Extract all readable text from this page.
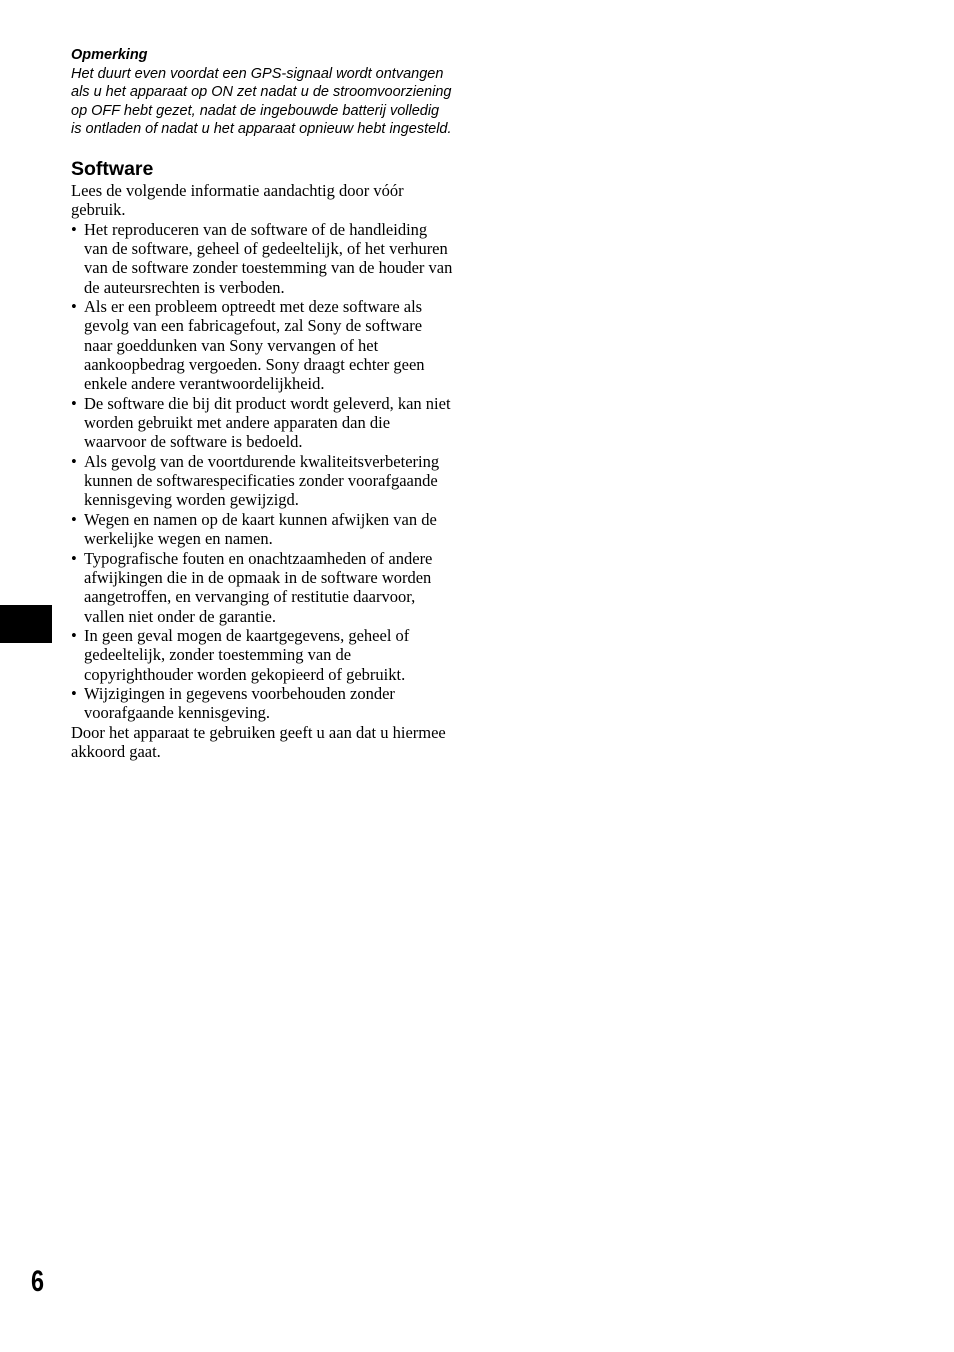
Opmerking

Het duurt even voordat een GPS-signaal wordt ontvangen als u het apparaat op ON zet nadat u de stroomvoorziening op OFF hebt gezet, nadat de ingebouwde batterij volledig is ontladen of nadat u het apparaat opnieuw hebt ingesteld.

Software

Lees de volgende informatie aandachtig door vóór gebruik.

• Het reproduceren van de software of de handleiding van de software, geheel of gedeeltelijk, of het verhuren van de software zonder toestemming van de houder van de auteursrechten is verboden.
• Als er een probleem optreedt met deze software als gevolg van een fabricagefout, zal Sony de software naar goeddunken van Sony vervangen of het aankoopbedrag vergoeden. Sony draagt echter geen enkele andere verantwoordelijkheid.
• De software die bij dit product wordt geleverd, kan niet worden gebruikt met andere apparaten dan die waarvoor de software is bedoeld.
• Als gevolg van de voortdurende kwaliteitsverbetering kunnen de softwarespecificaties zonder voorafgaande kennisgeving worden gewijzigd.
• Wegen en namen op de kaart kunnen afwijken van de werkelijke wegen en namen.
• Typografische fouten en onachtzaamheden of andere afwijkingen die in de opmaak in de software worden aangetroffen, en vervanging of restitutie daarvoor, vallen niet onder de garantie.
• In geen geval mogen de kaartgegevens, geheel of gedeeltelijk, zonder toestemming van de copyrighthouder worden gekopieerd of gebruikt.
• Wijzigingen in gegevens voorbehouden zonder voorafgaande kennisgeving.

Door het apparaat te gebruiken geeft u aan dat u hiermee akkoord gaat.

6
